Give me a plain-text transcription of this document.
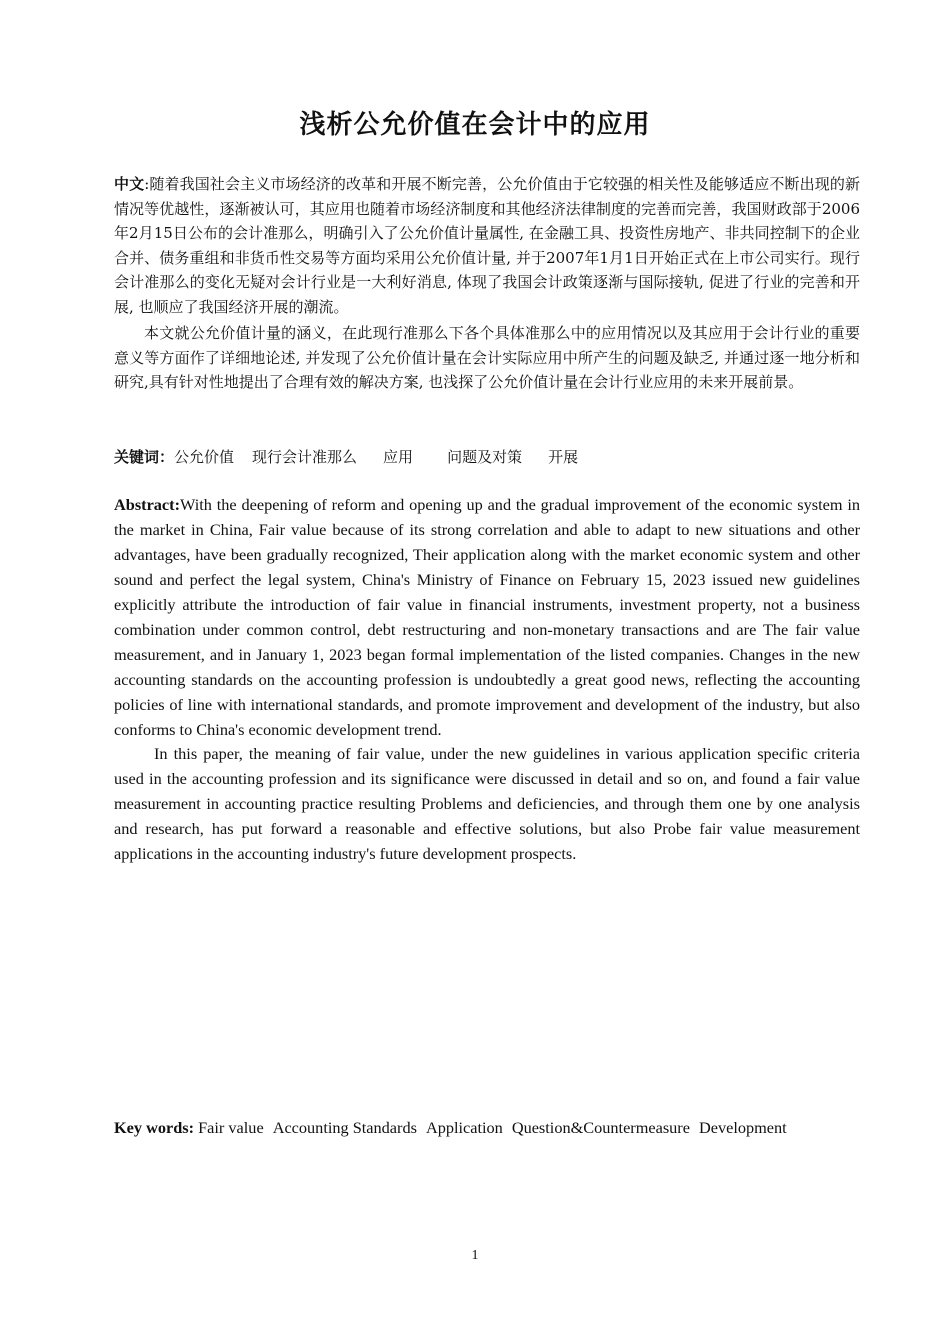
浅析公允价值在会计中的应用

中文:随着我国社会主义市场经济的改革和开展不断完善，公允价值由于它较强的相关性及能够适应不断出现的新情况等优越性，逐渐被认可，其应用也随着市场经济制度和其他经济法律制度的完善而完善，我国财政部于2006年2月15日公布的会计准那么，明确引入了公允价值计量属性, 在金融工具、投资性房地产、非共同控制下的企业合并、债务重组和非货币性交易等方面均采用公允价值计量, 并于2007年1月1日开始正式在上市公司实行。现行会计准那么的变化无疑对会计行业是一大利好消息, 体现了我国会计政策逐渐与国际接轨, 促进了行业的完善和开展, 也顺应了我国经济开展的潮流。

本文就公允价值计量的涵义，在此现行准那么下各个具体准那么中的应用情况以及其应用于会计行业的重要意义等方面作了详细地论述, 并发现了公允价值计量在会计实际应用中所产生的问题及缺乏, 并通过逐一地分析和研究,具有针对性地提出了合理有效的解决方案, 也浅探了公允价值计量在会计行业应用的未来开展前景。

关键词：公允价值 现行会计准那么 应用 问题及对策 开展

Abstract:With the deepening of reform and opening up and the gradual improvement of the economic system in the market in China, Fair value because of its strong correlation and able to adapt to new situations and other advantages, have been gradually recognized, Their application along with the market economic system and other sound and perfect the legal system, China's Ministry of Finance on February 15, 2023 issued new guidelines explicitly attribute the introduction of fair value in financial instruments, investment property, not a business combination under common control, debt restructuring and non-monetary transactions and are The fair value measurement, and in January 1, 2023 began formal implementation of the listed companies. Changes in the new accounting standards on the accounting profession is undoubtedly a great good news, reflecting the accounting policies of line with international standards, and promote improvement and development of the industry, but also conforms to China's economic development trend.

In this paper, the meaning of fair value, under the new guidelines in various application specific criteria used in the accounting profession and its significance were discussed in detail and so on, and found a fair value measurement in accounting practice resulting Problems and deficiencies, and through them one by one analysis and research, has put forward a reasonable and effective solutions, but also Probe fair value measurement applications in the accounting industry's future development prospects.

Key words: Fair value Accounting Standards Application Question&Countermeasure Development

1
